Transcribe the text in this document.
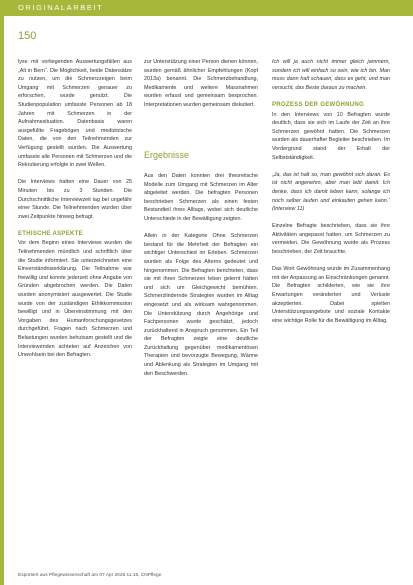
ORIGINALARBEIT
150

lyse mit vorliegenden Auswertungsfällen aus „Alt in Bern“. Die Möglichkeit, beide Datensätze zu nutzen, um die Schmerzzeigen beim Umgang mit Schmerzen genauer zu erforschen, wurde genutzt. Die Studienpopulation umfasste Personen ab 18 Jahren mit Schmerzen in der Aufnahmesituation. Datenbasis waren ausgefüllte Fragebögen und medizinische Daten, die von den Teilnehmenden zur Verfügung gestellt wurden. Die Auswertung umfasste alle Personen mit Schmerzen und die Rekrutierung erfolgte in zwei Wellen.

Die Interviews hatten eine Dauer von 25 Minuten bis zu 3 Stunden. Die Durchschnittliche Interviewzeit lag bei ungefähr einer Stunde. Die Teilnehmenden wurden über zwei Zeitpunkte hinweg befragt.

ETHISCHE ASPEKTE

Vor dem Beginn eines Interviews wurden die Teilnehmenden mündlich und schriftlich über die Studie informiert. Sie unterzeichneten eine Einverständniserklärung. Die Teilnahme war freiwillig und konnte jederzeit ohne Angabe von Gründen abgebrochen werden. Die Daten wurden anonymisiert ausgewertet. Die Studie wurde von der zuständigen Ethikkommission bewilligt und in Übereinstimmung mit den Vorgaben des Humanforschungsgesetzes durchgeführt. Fragen nach Schmerzen und Belastungen wurden behutsam gestellt und die Interviewenden achteten auf Anzeichen von Unwohlsein bei den Befragten.

zur Unterstützung einer Person dienen können, wurden gemäß ähnlicher Empfehlungen (Kopf 2013a) benannt. Die Schmerzbehandlung, Medikamente und weitere Massnahmen wurden erfasst und gemeinsam besprochen. Interpretationen wurden gemeinsam diskutiert.

Ergebnisse

Aus den Daten konnten drei theoretische Modelle zum Umgang mit Schmerzen im Alter abgeleitet werden. Die befragten Personen beschrieben Schmerzen als einen festen Bestandteil ihres Alltags, wobei sich deutliche Unterschiede in der Bewältigung zeigten.

Allein in der Kategorie Ohne Schmerzen bestand für die Mehrheit der Befragten ein wichtiger Unterschied im Erleben. Schmerzen wurden als Folge des Alterns gedeutet und hingenommen. Die Befragten berichteten, dass sie mit ihren Schmerzen leben gelernt hätten und sich um Gleichgewicht bemühten. Schmerzlindernde Strategien wurden im Alltag eingesetzt und als wirksam wahrgenommen. Die Unterstützung durch Angehörige und Fachpersonen wurde geschätzt, jedoch zurückhaltend in Anspruch genommen. Ein Teil der Befragten zeigte eine deutliche Zurückhaltung gegenüber medikamentösen Therapien und bevorzugte Bewegung, Wärme und Ablenkung als Strategien im Umgang mit den Beschwerden.

Ich will ja auch nicht immer gleich jammern, sondern ich will einfach so sein, wie ich bin. Man muss dann halt schauen, dass es geht, und man versucht, das Beste daraus zu machen.

PROZESS DER GEWÖHNUNG

In den Interviews von 10 Befragten wurde deutlich, dass sie sich im Laufe der Zeit an ihre Schmerzen gewöhnt hatten. Die Schmerzen wurden als dauerhafter Begleiter beschrieben. Im Vordergrund stand der Erhalt der Selbstständigkeit.

„Ja, das ist halt so, man gewöhnt sich daran. Es ist nicht angenehm, aber man lebt damit. Ich denke, dass ich damit leben kann, solange ich noch selber laufen und einkaufen gehen kann.“ (Interview 11)

Einzelne Befragte beschrieben, dass sie ihre Aktivitäten angepasst hatten, um Schmerzen zu vermeiden. Die Gewöhnung wurde als Prozess beschrieben, der Zeit brauchte.

Das Wort Gewöhnung wurde im Zusammenhang mit der Anpassung an Einschränkungen genannt. Die Befragten schilderten, wie sie ihre Erwartungen veränderten und Verluste akzeptierten. Dabei spielten Unterstützungsangebote und soziale Kontakte eine wichtige Rolle für die Bewältigung im Alltag.

Exportiert aus Pflegewissenschaft am 07 Apr 2025 11:16, CNPflege
